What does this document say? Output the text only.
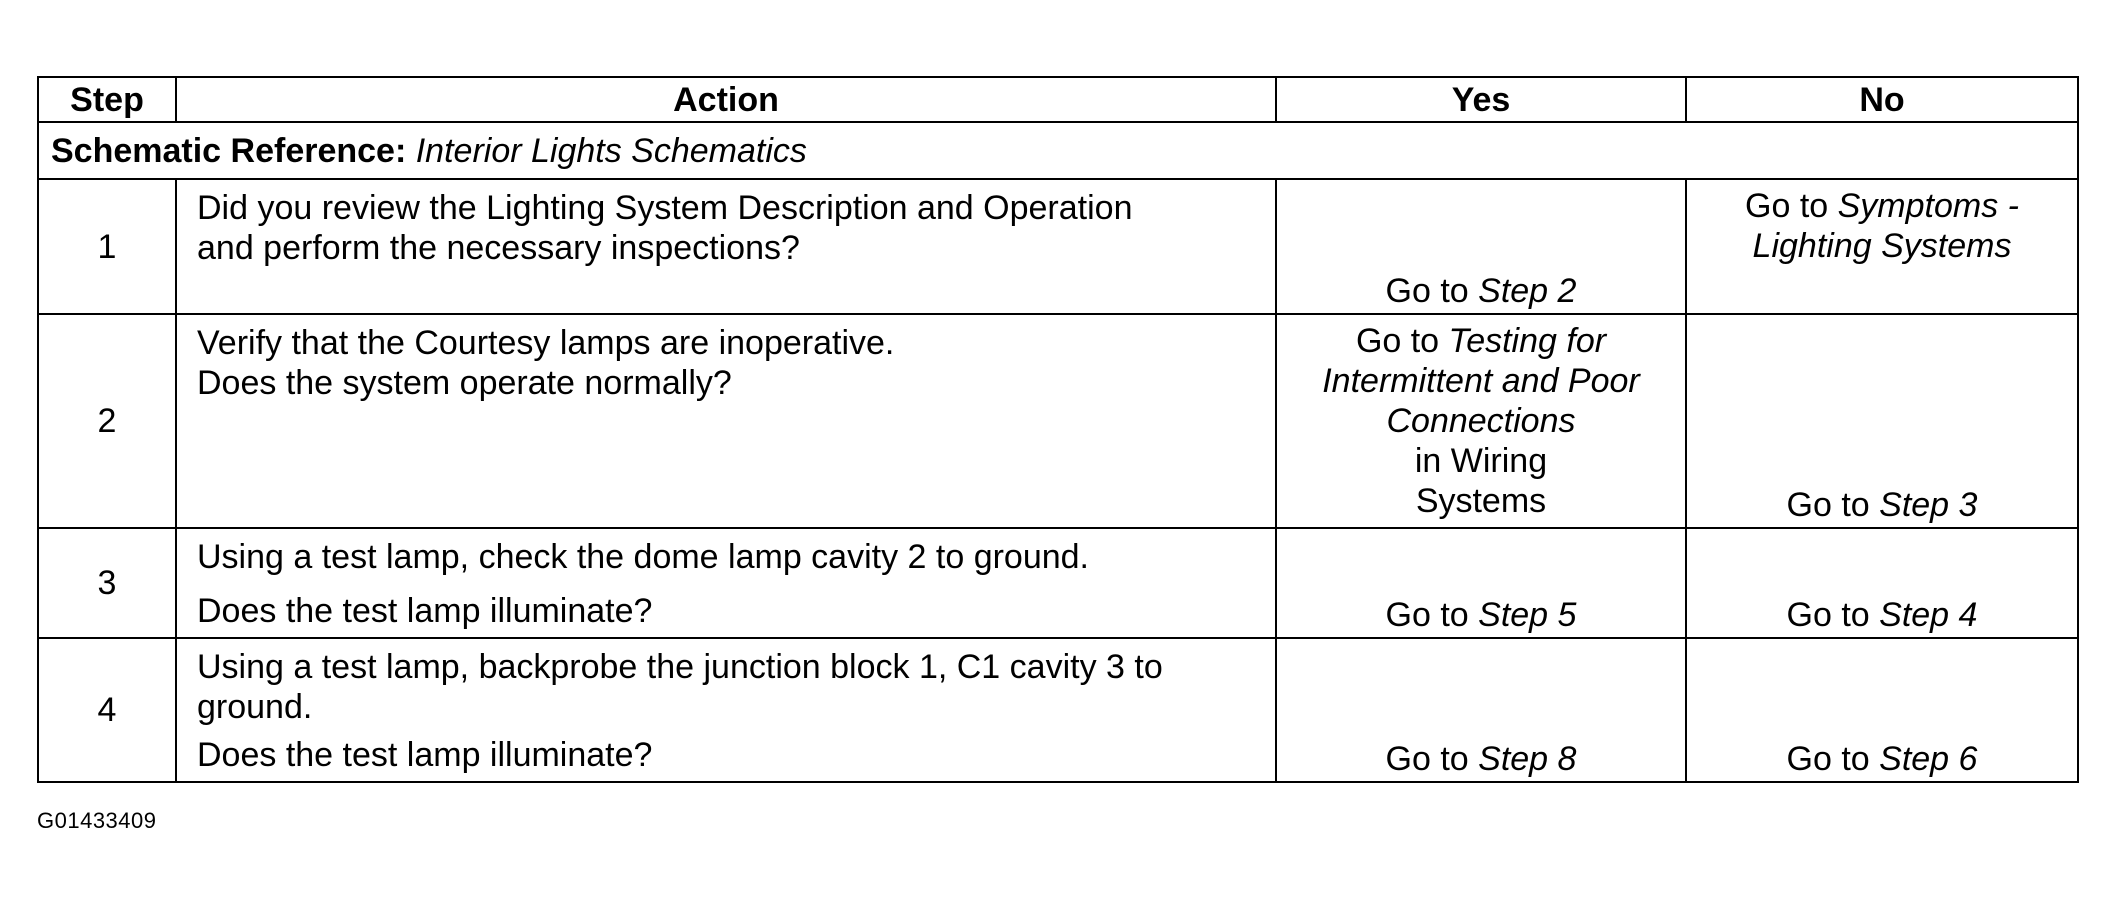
Step	Action	Yes	No
Schematic Reference: Interior Lights Schematics			
1	Did you review the Lighting System Description and Operation
and perform the necessary inspections?	Go to Step 2	Go to Symptoms -
Lighting Systems

2	Verify that the Courtesy lamps are inoperative.
Does the system operate normally?	Go to Testing for
Intermittent and Poor
Connections
in Wiring
Systems	Go to Step 3

3	Using a test lamp, check the dome lamp cavity 2 to ground.
Does the test lamp illuminate?	Go to Step 5	Go to Step 4

4	Using a test lamp, backprobe the junction block 1, C1 cavity 3 to
ground.
Does the test lamp illuminate?	Go to Step 8	Go to Step 6
G01433409
